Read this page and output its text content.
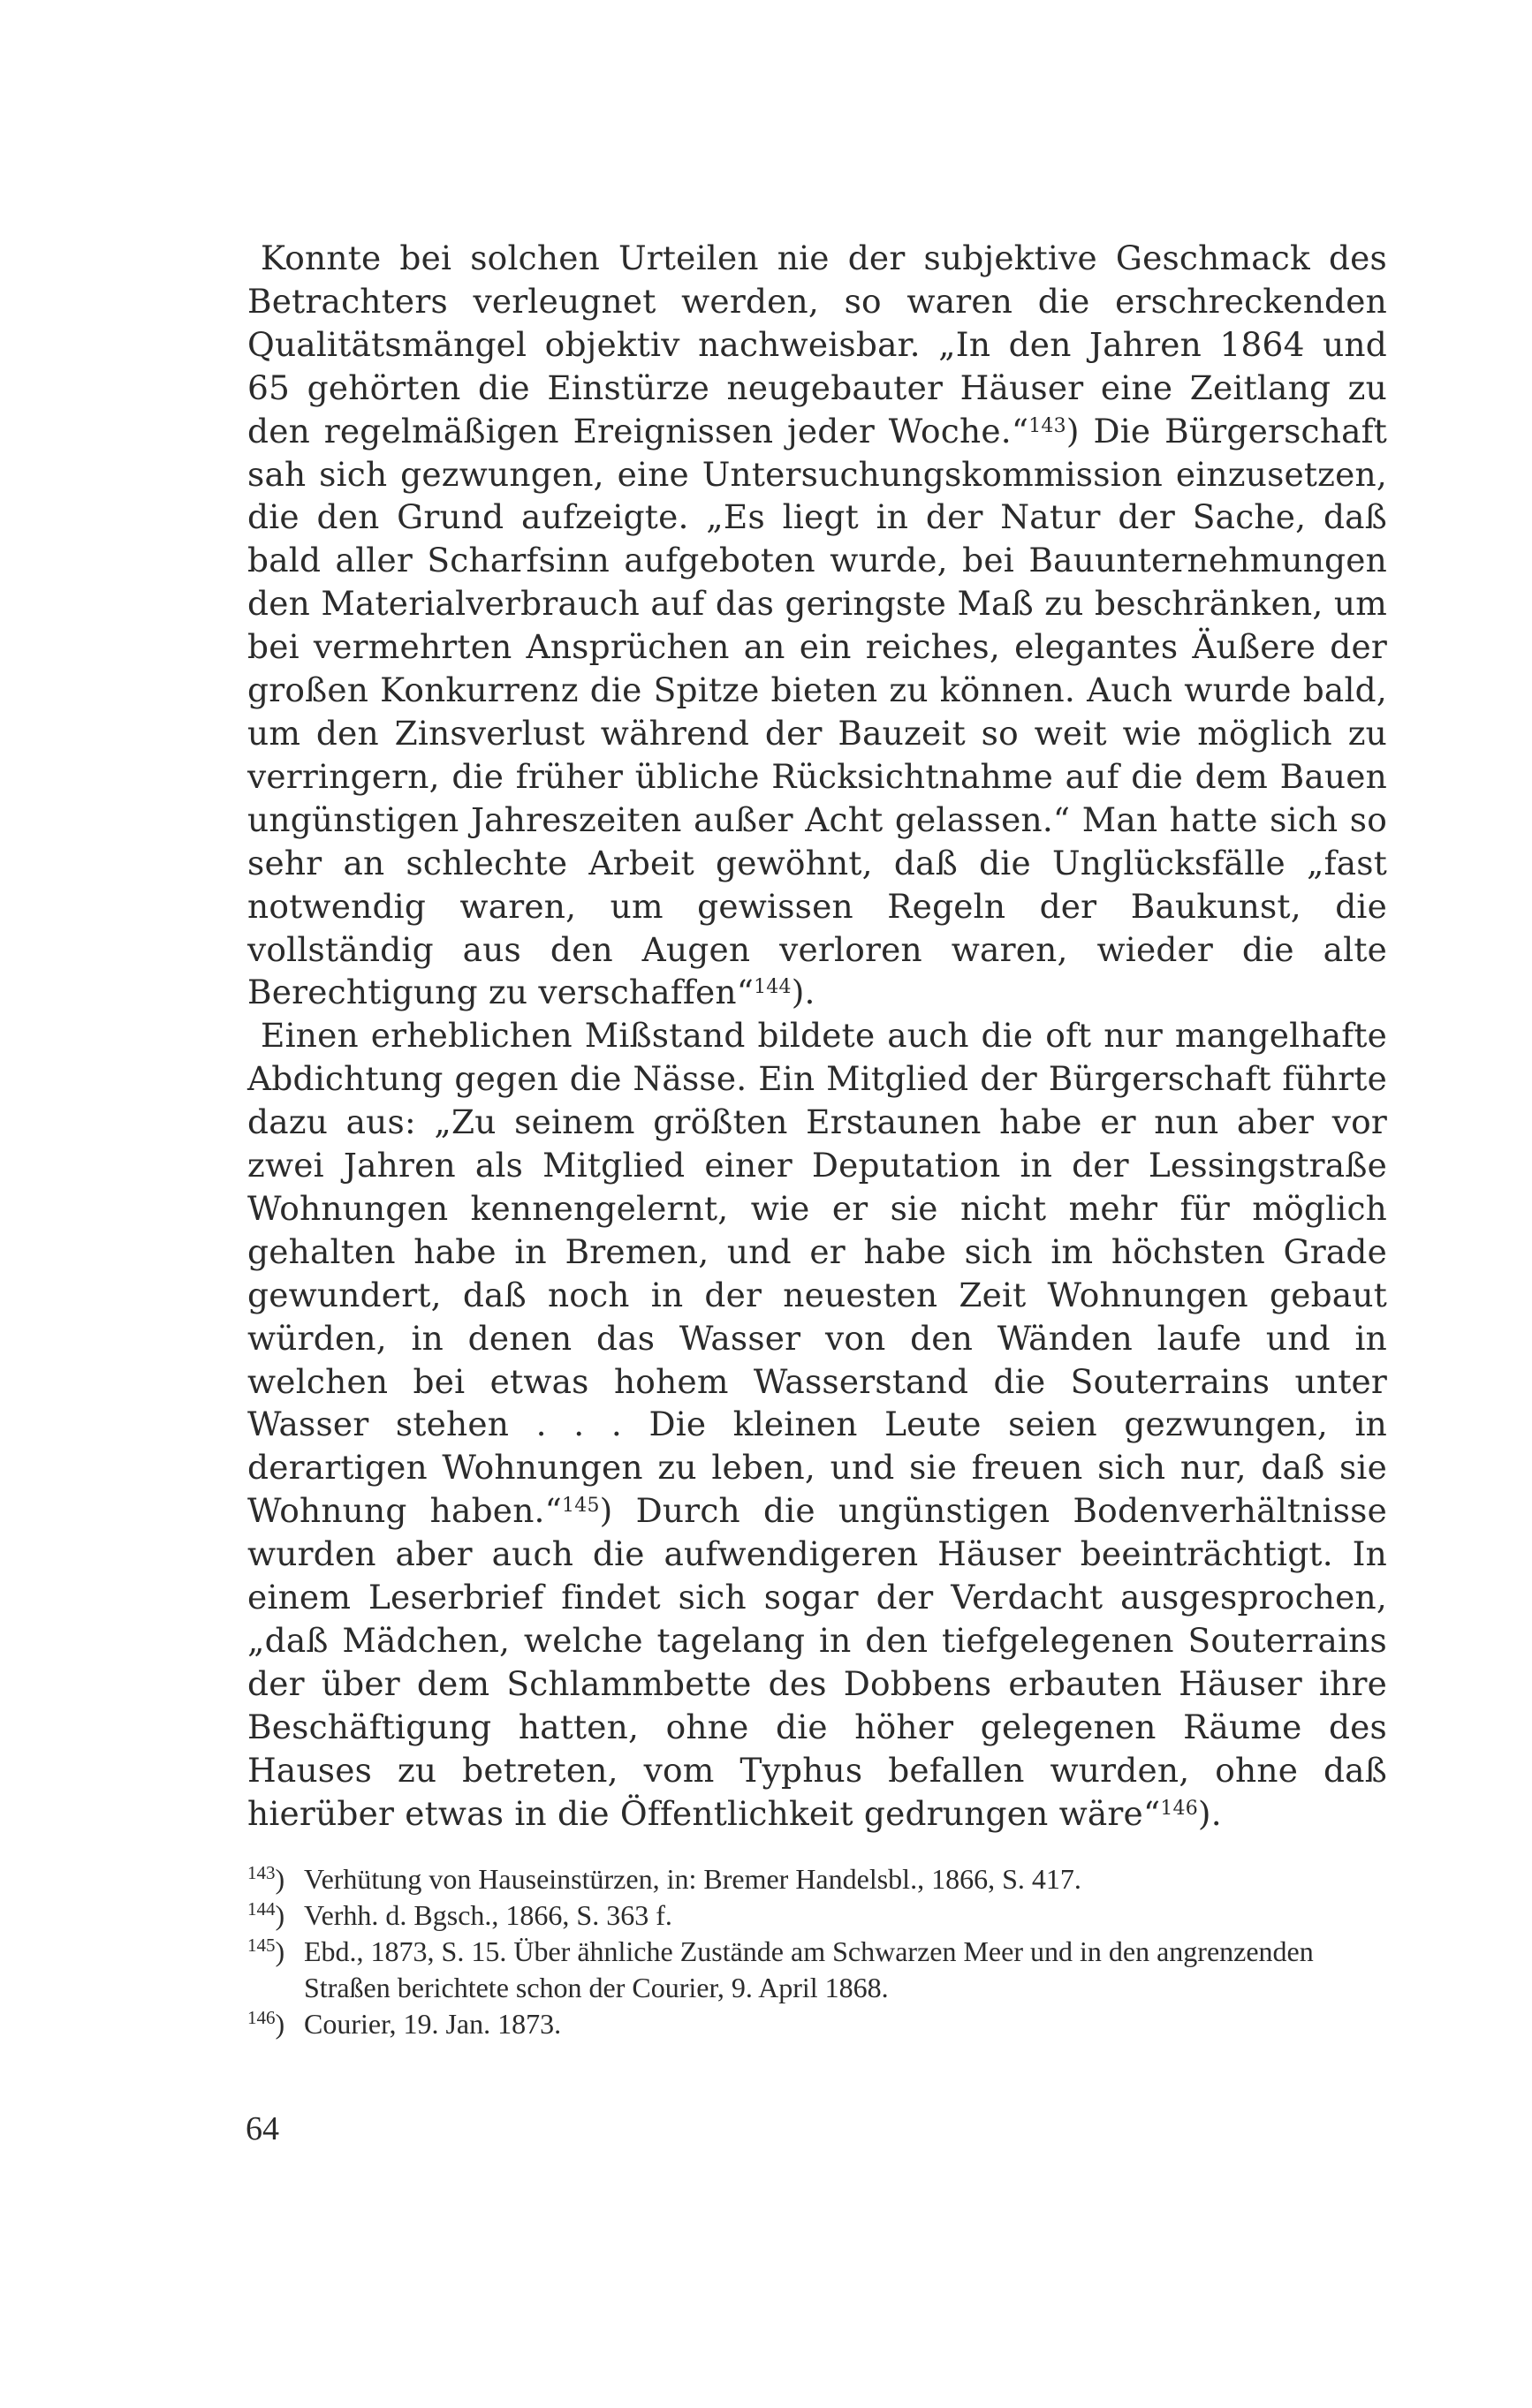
Konnte bei solchen Urteilen nie der subjektive Geschmack des Betrachters verleugnet werden, so waren die erschreckenden Qualitätsmängel objektiv nachweisbar. „In den Jahren 1864 und 65 gehörten die Einstürze neugebauter Häuser eine Zeitlang zu den regelmäßigen Ereignissen jeder Woche.“$^{143}$) Die Bürgerschaft sah sich gezwungen, eine Untersuchungskommission einzusetzen, die den Grund aufzeigte. „Es liegt in der Natur der Sache, daß bald aller Scharfsinn aufgeboten wurde, bei Bauunternehmungen den Materialverbrauch auf das geringste Maß zu beschränken, um bei vermehrten Ansprüchen an ein reiches, elegantes Äußere der großen Konkurrenz die Spitze bieten zu können. Auch wurde bald, um den Zinsverlust während der Bauzeit so weit wie möglich zu verringern, die früher übliche Rücksichtnahme auf die dem Bauen ungünstigen Jahreszeiten außer Acht gelassen.“ Man hatte sich so sehr an schlechte Arbeit gewöhnt, daß die Unglücksfälle „fast notwendig waren, um gewissen Regeln der Baukunst, die vollständig aus den Augen verloren waren, wieder die alte Berechtigung zu verschaffen“$^{144}$).

Einen erheblichen Mißstand bildete auch die oft nur mangelhafte Abdichtung gegen die Nässe. Ein Mitglied der Bürgerschaft führte dazu aus: „Zu seinem größten Erstaunen habe er nun aber vor zwei Jahren als Mitglied einer Deputation in der Lessingstraße Wohnungen kennengelernt, wie er sie nicht mehr für möglich gehalten habe in Bremen, und er habe sich im höchsten Grade gewundert, daß noch in der neuesten Zeit Wohnungen gebaut würden, in denen das Wasser von den Wänden laufe und in welchen bei etwas hohem Wasserstand die Souterrains unter Wasser stehen . . . Die kleinen Leute seien gezwungen, in derartigen Wohnungen zu leben, und sie freuen sich nur, daß sie Wohnung haben.“$^{145}$) Durch die ungünstigen Bodenverhältnisse wurden aber auch die aufwendigeren Häuser beeinträchtigt. In einem Leserbrief findet sich sogar der Verdacht ausgesprochen, „daß Mädchen, welche tagelang in den tiefgelegenen Souterrains der über dem Schlammbette des Dobbens erbauten Häuser ihre Beschäftigung hatten, ohne die höher gelegenen Räume des Hauses zu betreten, vom Typhus befallen wurden, ohne daß hierüber etwas in die Öffentlichkeit gedrungen wäre“$^{146}$).

$^{143}$) Verhütung von Hauseinstürzen, in: Bremer Handelsbl., 1866, S. 417.
$^{144}$) Verhh. d. Bgsch., 1866, S. 363 f.
$^{145}$) Ebd., 1873, S. 15. Über ähnliche Zustände am Schwarzen Meer und in den angrenzenden Straßen berichtete schon der Courier, 9. April 1868.
$^{146}$) Courier, 19. Jan. 1873.
64
